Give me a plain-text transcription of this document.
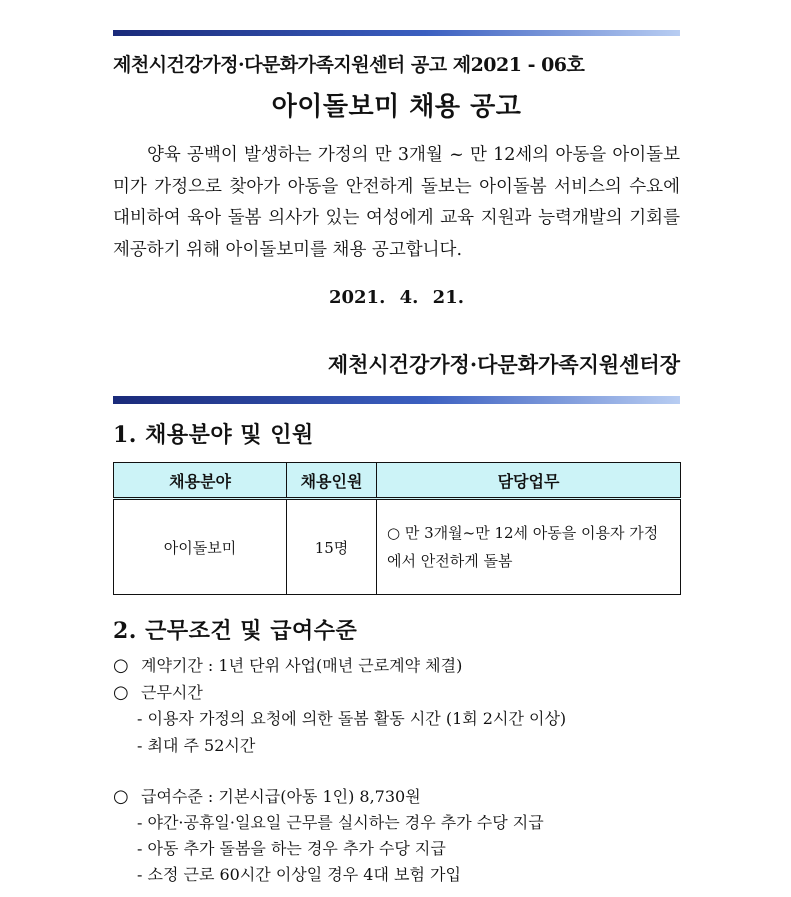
제천시건강가정·다문화가족지원센터 공고 제2021 - 06호
아이돌보미 채용 공고
양육 공백이 발생하는 가정의 만 3개월 ~ 만 12세의 아동을 아이돌보미가 가정으로 찾아가 아동을 안전하게 돌보는 아이돌봄 서비스의 수요에 대비하여 육아 돌봄 의사가 있는 여성에게 교육 지원과 능력개발의 기회를 제공하기 위해 아이돌보미를 채용 공고합니다.
2021. 4. 21.
제천시건강가정·다문화가족지원센터장
1. 채용분야 및 인원
채용분야	채용인원	담당업무
아이돌보미	15명	○ 만 3개월~만 12세 아동을 이용자 가정에서 안전하게 돌봄
2. 근무조건 및 급여수준
○ 계약기간 : 1년 단위 사업(매년 근로계약 체결)
○ 근무시간
- 이용자 가정의 요청에 의한 돌봄 활동 시간 (1회 2시간 이상)
- 최대 주 52시간
○ 급여수준 : 기본시급(아동 1인) 8,730원
- 야간·공휴일·일요일 근무를 실시하는 경우 추가 수당 지급
- 아동 추가 돌봄을 하는 경우 추가 수당 지급
- 소정 근로 60시간 이상일 경우 4대 보험 가입
